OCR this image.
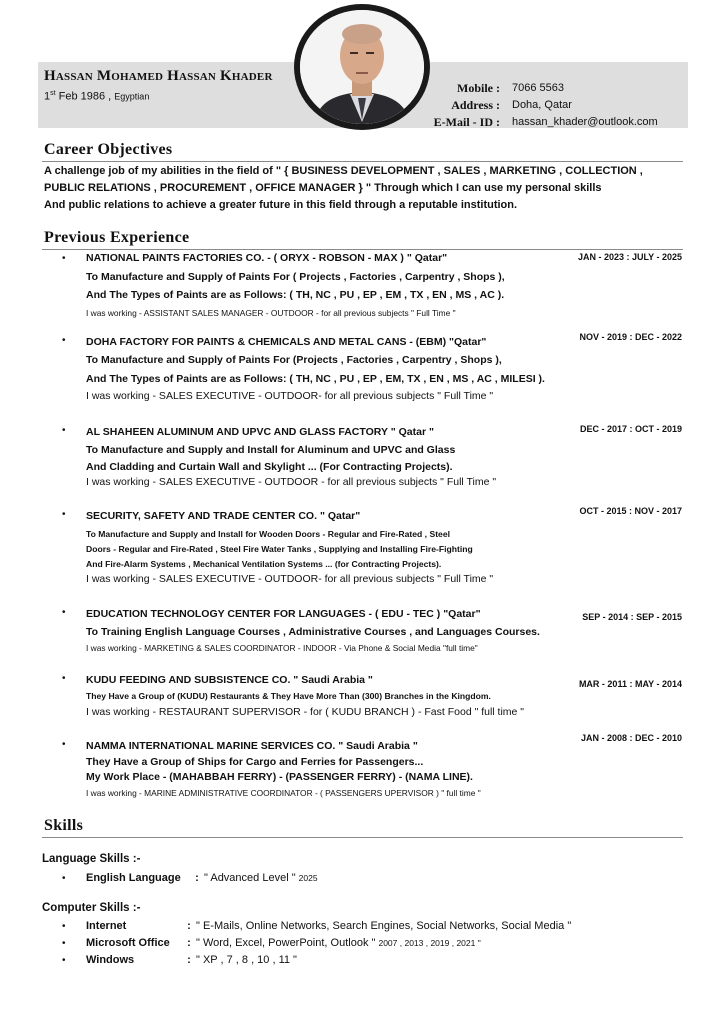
Hassan Mohamed Hassan Khader
1st Feb 1986 , Egyptian
Mobile :	7066 5563
Address :	Doha, Qatar
E-Mail - ID :	hassan_khader@outlook.com
Career Objectives
A challenge job of my abilities in the field of " { BUSINESS DEVELOPMENT , SALES , MARKETING , COLLECTION ,
PUBLIC RELATIONS , PROCUREMENT , OFFICE MANAGER } " Through which I can use my personal skills
And public relations to achieve a greater future in this field through a reputable institution.
Previous Experience
•	JAN - 2023 : JULY - 2025
NATIONAL PAINTS FACTORIES CO. - ( ORYX - ROBSON - MAX ) " Qatar"
To Manufacture and Supply of Paints For ( Projects , Factories , Carpentry , Shops ),
And The Types of Paints are as Follows: ( TH, NC , PU , EP , EM , TX , EN , MS , AC ).
I was working - ASSISTANT SALES MANAGER - OUTDOOR - for all previous subjects " Full Time "
•	NOV - 2019 : DEC - 2022
DOHA FACTORY FOR PAINTS & CHEMICALS AND METAL CANS - (EBM) "Qatar"
To Manufacture and Supply of Paints For (Projects , Factories , Carpentry , Shops ),
And The Types of Paints are as Follows: ( TH, NC , PU , EP , EM, TX , EN , MS , AC , MILESI ).
I was working - SALES EXECUTIVE - OUTDOOR- for all previous subjects " Full Time "
•	DEC - 2017 : OCT - 2019
AL SHAHEEN ALUMINUM AND UPVC AND GLASS FACTORY " Qatar "
To Manufacture and Supply and Install for Aluminum and UPVC and Glass
And Cladding and Curtain Wall and Skylight ... (For Contracting Projects).
I was working - SALES EXECUTIVE - OUTDOOR - for all previous subjects " Full Time "
•	OCT - 2015 : NOV - 2017
SECURITY, SAFETY AND TRADE CENTER CO. " Qatar"
To Manufacture and Supply and Install for Wooden Doors - Regular and Fire-Rated , Steel
Doors - Regular and Fire-Rated , Steel Fire Water Tanks , Supplying and Installing Fire-Fighting
And Fire-Alarm Systems , Mechanical Ventilation Systems ... (for Contracting Projects).
I was working - SALES EXECUTIVE - OUTDOOR- for all previous subjects " Full Time "
•	SEP - 2014 : SEP - 2015
EDUCATION TECHNOLOGY CENTER FOR LANGUAGES - ( EDU - TEC ) "Qatar"
To Training English Language Courses , Administrative Courses , and Languages Courses.
I was working - MARKETING & SALES COORDINATOR - INDOOR - Via Phone & Social Media "full time"
•	MAR - 2011 : MAY - 2014
KUDU FEEDING AND SUBSISTENCE CO. " Saudi Arabia "
They Have a Group of (KUDU) Restaurants & They Have More Than (300) Branches in the Kingdom.
I was working - RESTAURANT SUPERVISOR - for ( KUDU BRANCH ) - Fast Food " full time "
•
JAN - 2008 : DEC - 2010
NAMMA INTERNATIONAL MARINE SERVICES CO. " Saudi Arabia "
They Have a Group of Ships for Cargo and Ferries for Passengers...
My Work Place - (MAHABBAH FERRY) - (PASSENGER FERRY) - (NAMA LINE).
I was working - MARINE ADMINISTRATIVE COORDINATOR - ( PASSENGERS UPERVISOR ) " full time "
Skills
Language Skills :-
• English Language : " Advanced Level " 2025
Computer Skills :-
• Internet	: " E-Mails, Online Networks, Search Engines, Social Networks, Social Media "
• Microsoft Office : " Word, Excel, PowerPoint, Outlook " 2007 , 2013 , 2019 , 2021 "
• Windows	: " XP , 7 , 8 , 10 , 11 "
